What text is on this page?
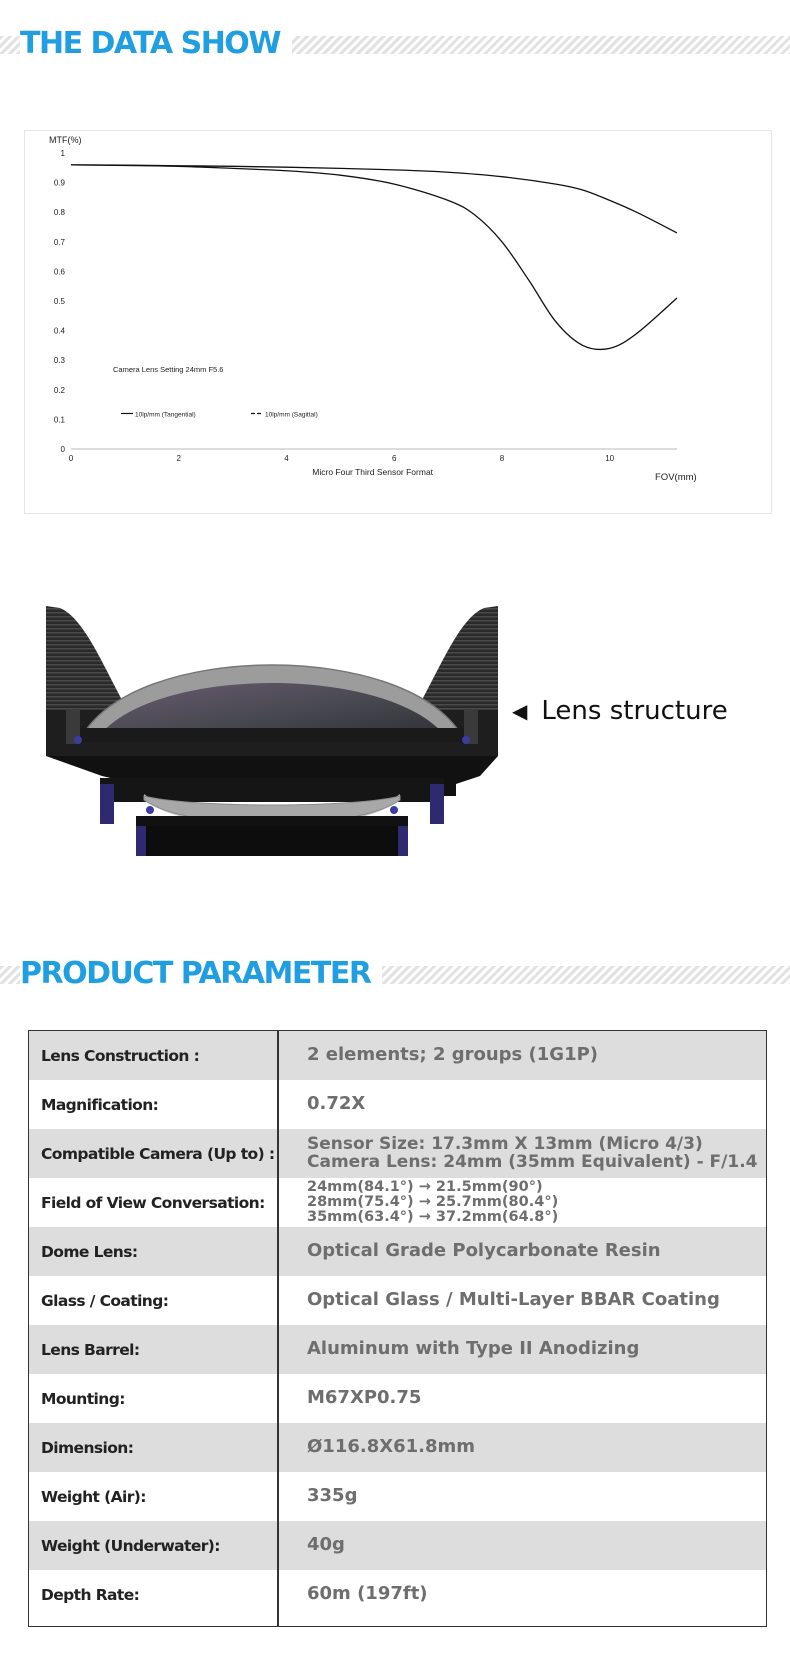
THE DATA SHOW
0
0.1
0.2
0.3
0.4
0.5
0.6
0.7
0.8
0.9
1
0	2	4	6	8	10
MTF(%)
Micro Four Third Sensor Format	FOV(mm)
Camera Lens Setting 24mm F5.6
10lp/mm (Tangential)	10lp/mm (Sagittal)
◀ Lens structure
PRODUCT PARAMETER
Lens Construction :	2 elements; 2 groups (1G1P)
Magnification:	0.72X
Compatible Camera (Up to) :	Sensor Size: 17.3mm X 13mm (Micro 4/3)
Camera Lens: 24mm (35mm Equivalent) - F/1.4
Field of View Conversation:
24mm(84.1°) → 21.5mm(90°)
28mm(75.4°) → 25.7mm(80.4°)
35mm(63.4°) → 37.2mm(64.8°)
Dome Lens:	Optical Grade Polycarbonate Resin
Glass / Coating:	Optical Glass / Multi-Layer BBAR Coating
Lens Barrel:	Aluminum with Type II Anodizing
Mounting:	M67XP0.75
Dimension:	Ø116.8X61.8mm
Weight (Air):	335g
Weight (Underwater):	40g
Depth Rate:	60m (197ft)
